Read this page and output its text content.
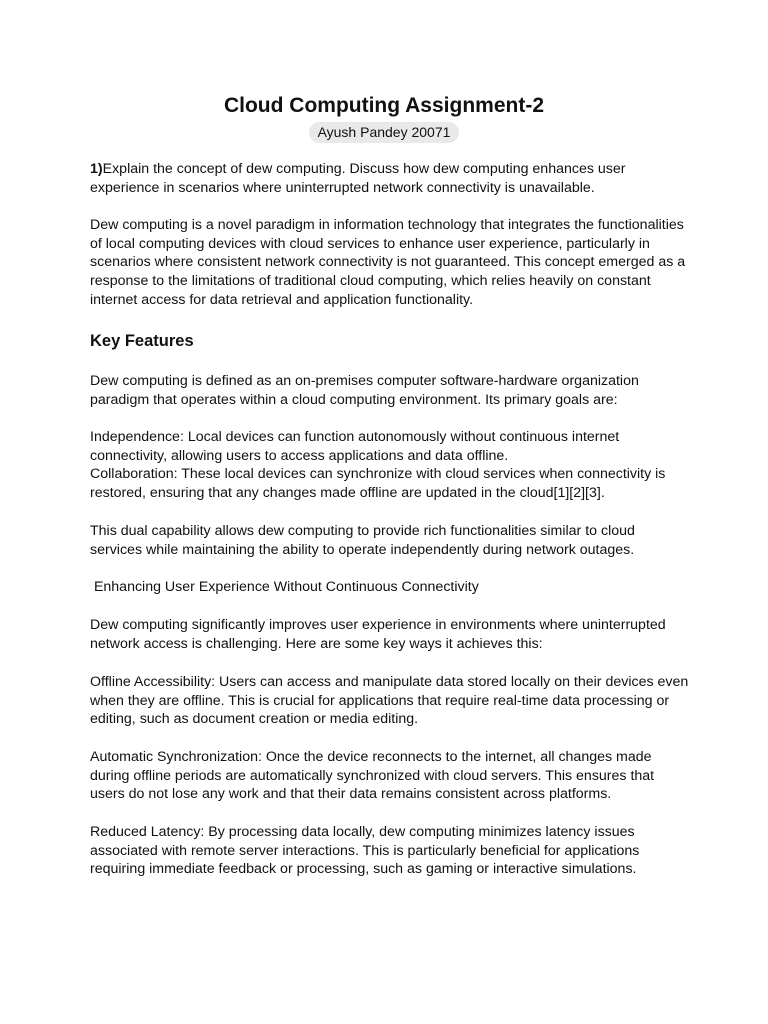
Cloud Computing Assignment-2
Ayush Pandey 20071

1)Explain the concept of dew computing. Discuss how dew computing enhances user experience in scenarios where uninterrupted network connectivity is unavailable.

Dew computing is a novel paradigm in information technology that integrates the functionalities of local computing devices with cloud services to enhance user experience, particularly in scenarios where consistent network connectivity is not guaranteed. This concept emerged as a response to the limitations of traditional cloud computing, which relies heavily on constant internet access for data retrieval and application functionality.

Key Features

Dew computing is defined as an on-premises computer software-hardware organization paradigm that operates within a cloud computing environment. Its primary goals are:

Independence: Local devices can function autonomously without continuous internet connectivity, allowing users to access applications and data offline.

Collaboration: These local devices can synchronize with cloud services when connectivity is restored, ensuring that any changes made offline are updated in the cloud[1][2][3].

This dual capability allows dew computing to provide rich functionalities similar to cloud services while maintaining the ability to operate independently during network outages.

Enhancing User Experience Without Continuous Connectivity

Dew computing significantly improves user experience in environments where uninterrupted network access is challenging. Here are some key ways it achieves this:

Offline Accessibility: Users can access and manipulate data stored locally on their devices even when they are offline. This is crucial for applications that require real-time data processing or editing, such as document creation or media editing.

Automatic Synchronization: Once the device reconnects to the internet, all changes made during offline periods are automatically synchronized with cloud servers. This ensures that users do not lose any work and that their data remains consistent across platforms.

Reduced Latency: By processing data locally, dew computing minimizes latency issues associated with remote server interactions. This is particularly beneficial for applications requiring immediate feedback or processing, such as gaming or interactive simulations.
